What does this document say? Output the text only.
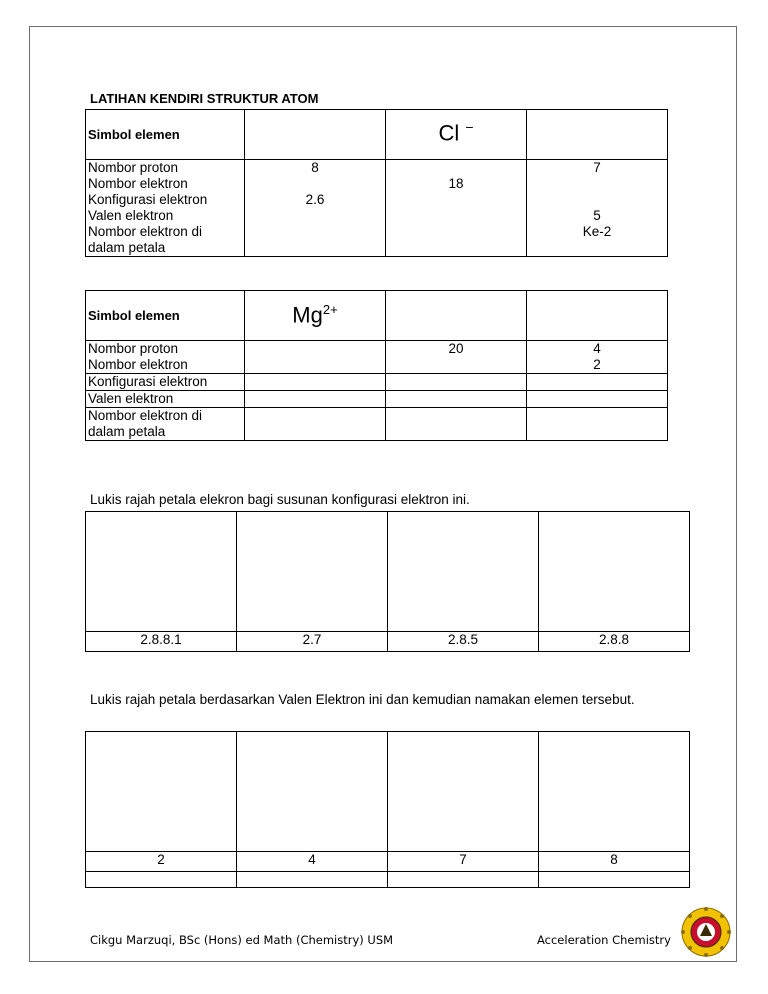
LATIHAN KENDIRI STRUKTUR ATOM
Simbol elemen		Cl −	
Nombor proton	8		7
Nombor elektron		18	
Konfigurasi elektron	2.6		
Valen elektron			5
Nombor elektron di dalam petala			Ke-2
Simbol elemen	$Mg^{2+}$		
Nombor proton		20	4
Nombor elektron			2
Konfigurasi elektron			
Valen elektron			
Nombor elektron di dalam petala			
Lukis rajah petala elekron bagi susunan konfigurasi elektron ini.

2.8.8.1	2.7	2.8.5	2.8.8
Lukis rajah petala berdasarkan Valen Elektron ini dan kemudian namakan elemen tersebut.

2	4	7	8

Cikgu Marzuqi, BSc (Hons) ed Math (Chemistry) USM	Acceleration Chemistry
